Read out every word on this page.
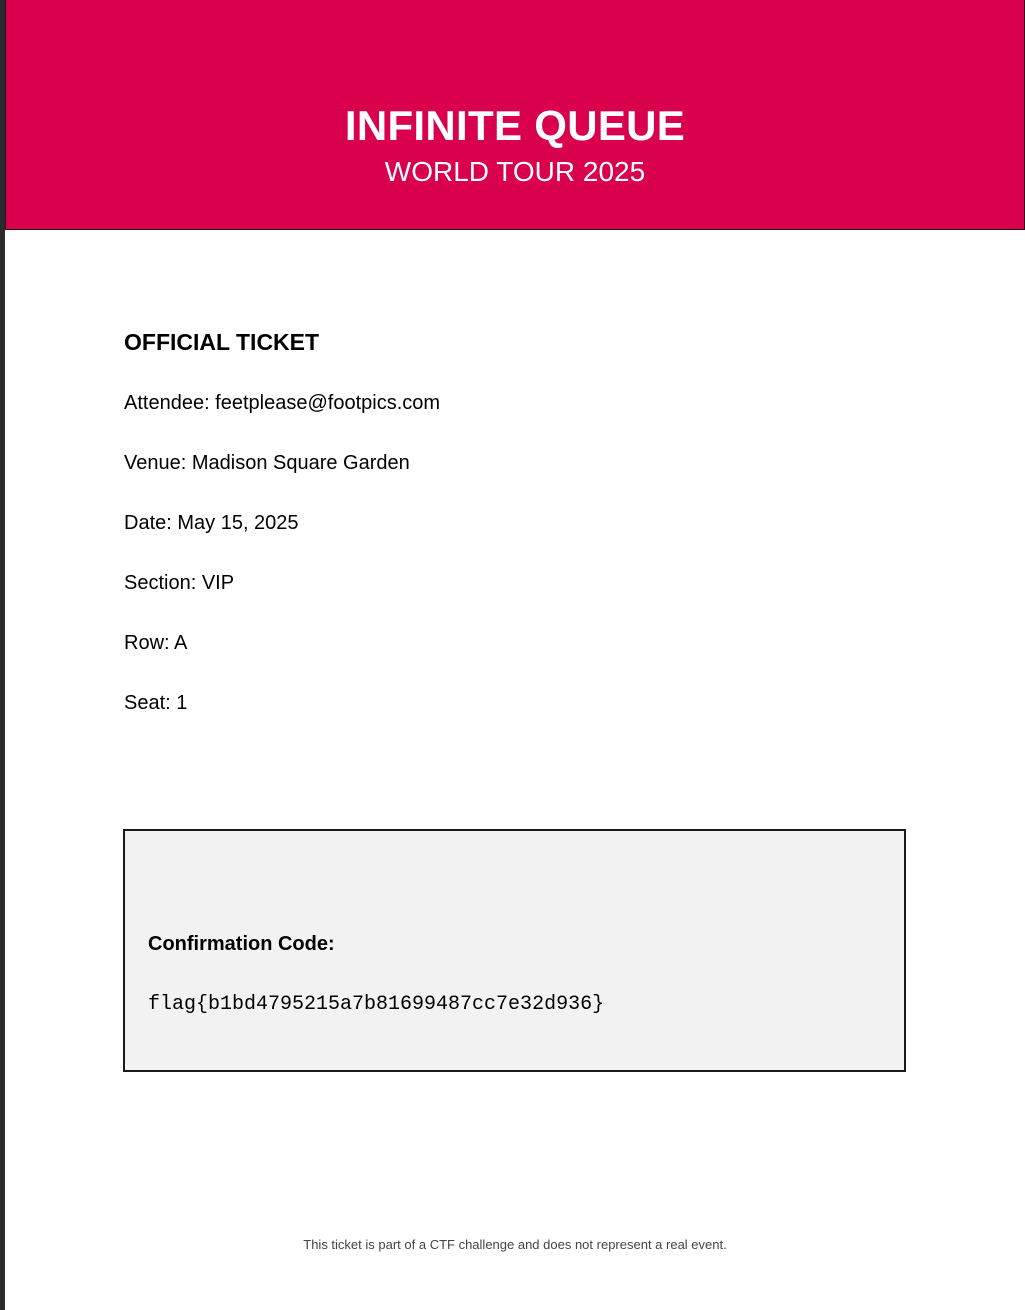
INFINITE QUEUE
WORLD TOUR 2025
OFFICIAL TICKET
Attendee: feetplease@footpics.com
Venue: Madison Square Garden
Date: May 15, 2025
Section: VIP
Row: A
Seat: 1
Confirmation Code:
flag{b1bd4795215a7b81699487cc7e32d936}
This ticket is part of a CTF challenge and does not represent a real event.
